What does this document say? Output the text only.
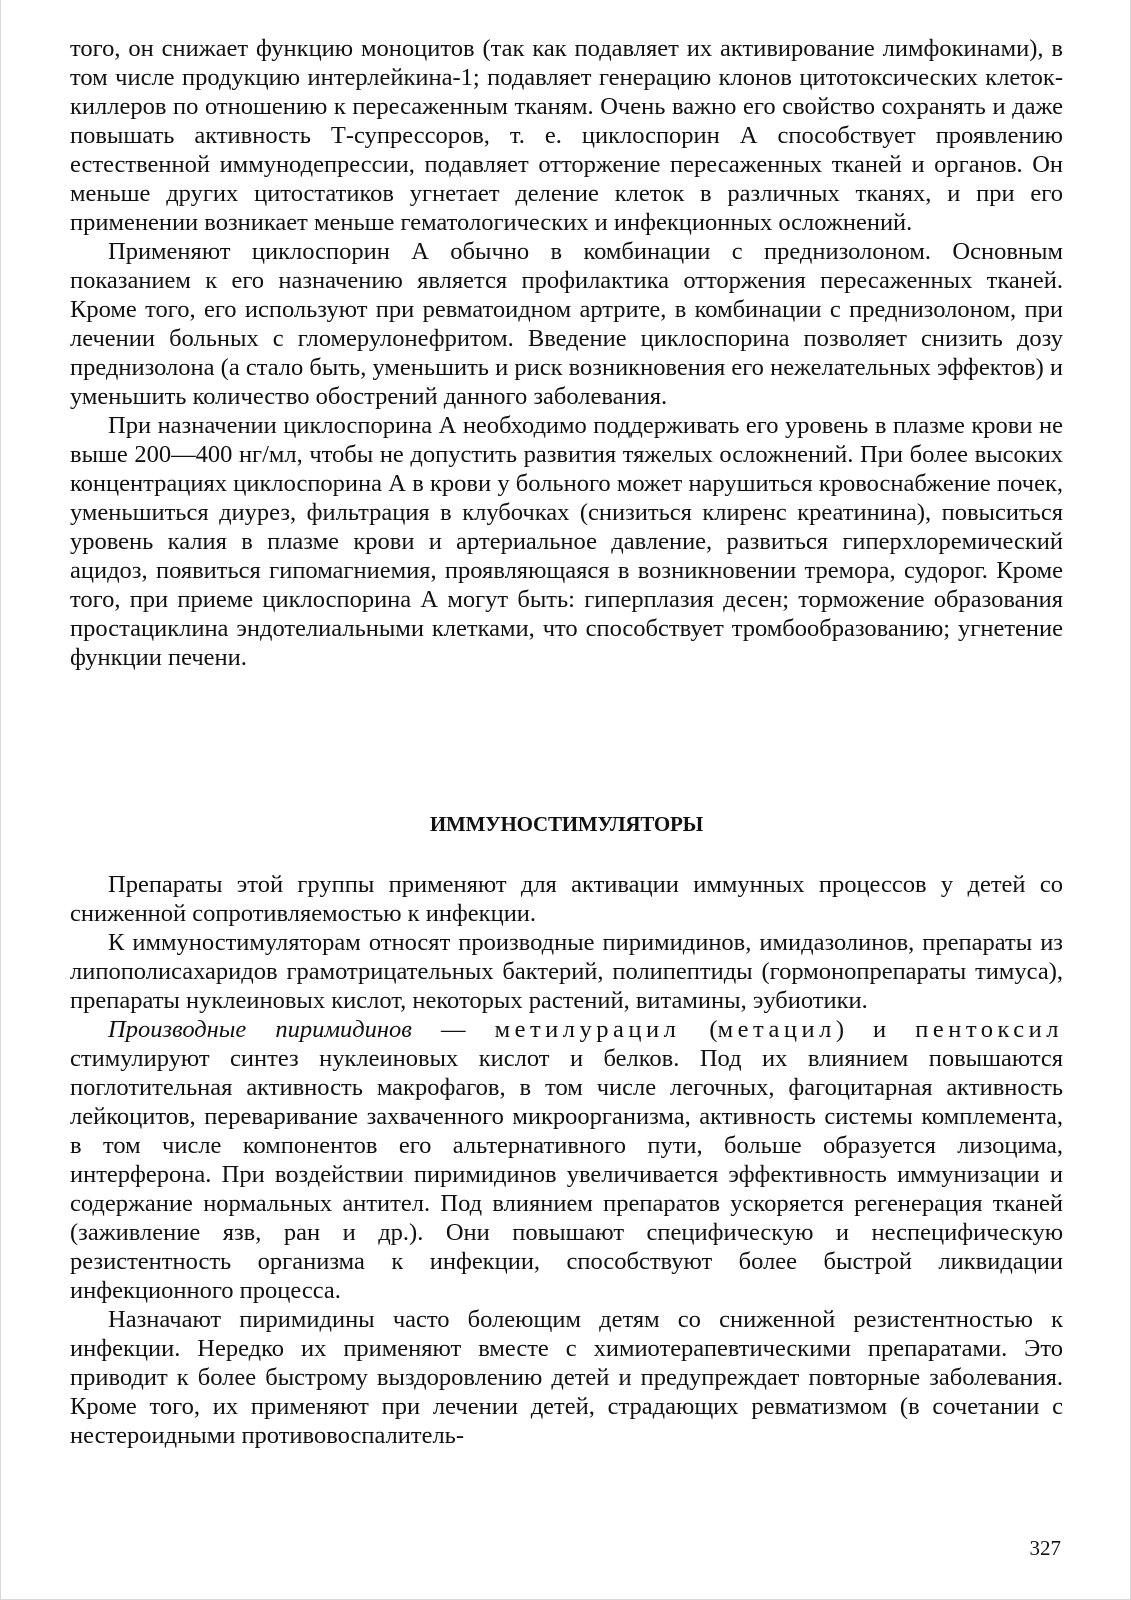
того, он снижает функцию моноцитов (так как подавляет их активирование лимфокинами), в том числе продукцию интерлейкина-1; подавляет генерацию клонов цитотоксических клеток-киллеров по отношению к пересаженным тканям. Очень важно его свойство сохранять и даже повышать активность Т-супрессоров, т. е. циклоспорин А способствует проявлению естественной иммунодепрессии, подавляет отторжение пересаженных тканей и органов. Он меньше других цитостатиков угнетает деление клеток в различных тканях, и при его применении возникает меньше гематологических и инфекционных осложнений.

Применяют циклоспорин А обычно в комбинации с преднизолоном. Основным показанием к его назначению является профилактика отторжения пересаженных тканей. Кроме того, его используют при ревматоидном артрите, в комбинации с преднизолоном, при лечении больных с гломерулонефритом. Введение циклоспорина позволяет снизить дозу преднизолона (а стало быть, уменьшить и риск возникновения его нежелательных эффектов) и уменьшить количество обострений данного заболевания.

При назначении циклоспорина А необходимо поддерживать его уровень в плазме крови не выше 200—400 нг/мл, чтобы не допустить развития тяжелых осложнений. При более высоких концентрациях циклоспорина А в крови у больного может нарушиться кровоснабжение почек, уменьшиться диурез, фильтрация в клубочках (снизиться клиренс креатинина), повыситься уровень калия в плазме крови и артериальное давление, развиться гиперхлоремический ацидоз, появиться гипомагниемия, проявляющаяся в возникновении тремора, судорог. Кроме того, при приеме циклоспорина А могут быть: гиперплазия десен; торможение образования простациклина эндотелиальными клетками, что способствует тромбообразованию; угнетение функции печени.

ИММУНОСТИМУЛЯТОРЫ

Препараты этой группы применяют для активации иммунных процессов у детей со сниженной сопротивляемостью к инфекции.

К иммуностимуляторам относят производные пиримидинов, имидазолинов, препараты из липополисахаридов грамотрицательных бактерий, полипептиды (гормонопрепараты тимуса), препараты нуклеиновых кислот, некоторых растений, витамины, эубиотики.

Производные пиримидинов — метилурацил (метацил) и пентоксил стимулируют синтез нуклеиновых кислот и белков. Под их влиянием повышаются поглотительная активность макрофагов, в том числе легочных, фагоцитарная активность лейкоцитов, переваривание захваченного микроорганизма, активность системы комплемента, в том числе компонентов его альтернативного пути, больше образуется лизоцима, интерферона. При воздействии пиримидинов увеличивается эффективность иммунизации и содержание нормальных антител. Под влиянием препаратов ускоряется регенерация тканей (заживление язв, ран и др.). Они повышают специфическую и неспецифическую резистентность организма к инфекции, способствуют более быстрой ликвидации инфекционного процесса.

Назначают пиримидины часто болеющим детям со сниженной резистентностью к инфекции. Нередко их применяют вместе с химиотерапевтическими препаратами. Это приводит к более быстрому выздоровлению детей и предупреждает повторные заболевания. Кроме того, их применяют при лечении детей, страдающих ревматизмом (в сочетании с нестероидными противовоспалитель-

327
